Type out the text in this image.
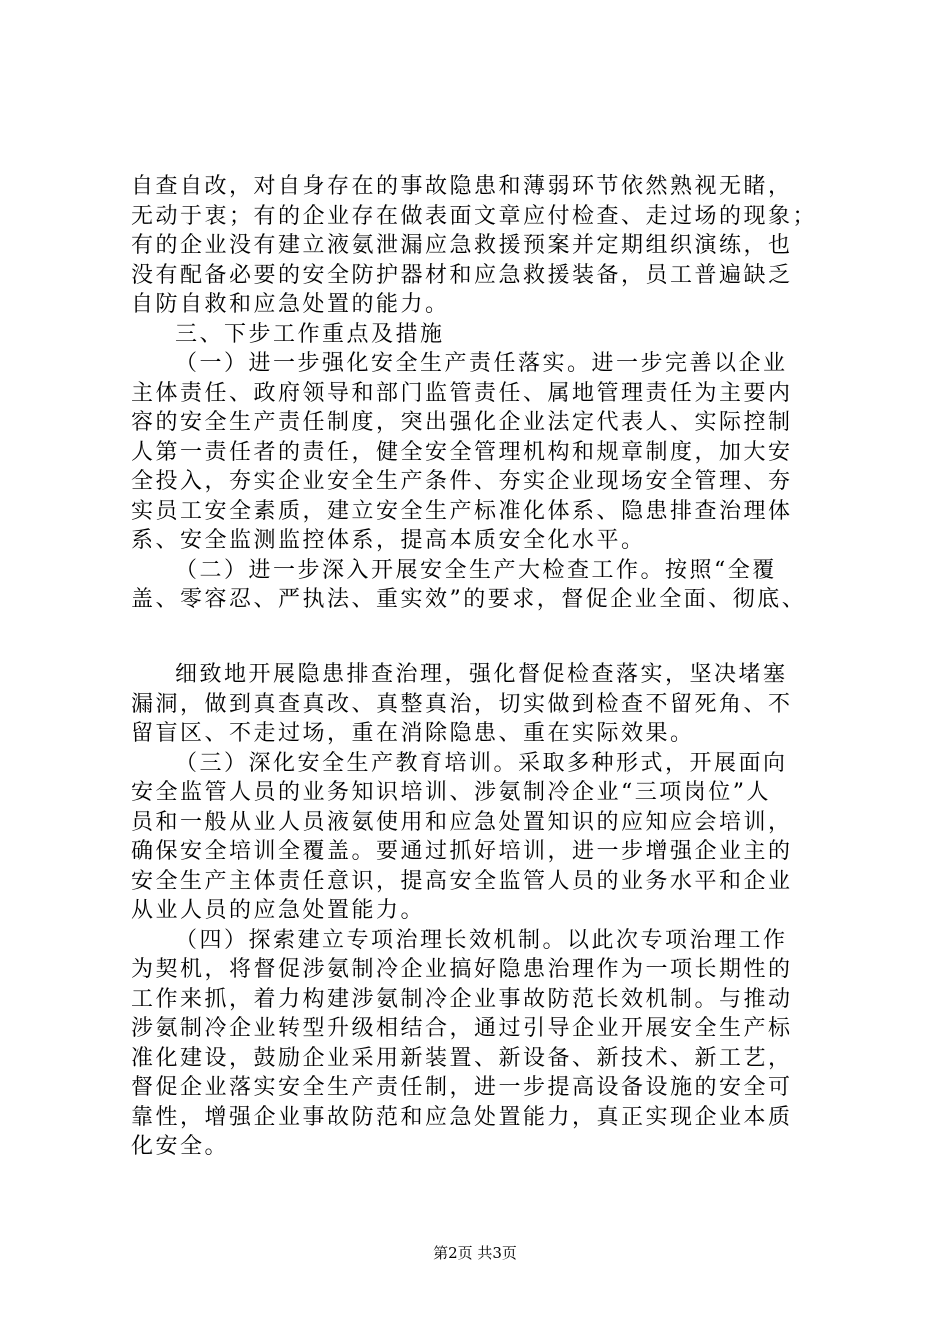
自查自改，对自身存在的事故隐患和薄弱环节依然熟视无睹，
无动于衷；有的企业存在做表面文章应付检查、走过场的现象；
有的企业没有建立液氨泄漏应急救援预案并定期组织演练，也
没有配备必要的安全防护器材和应急救援装备，员工普遍缺乏
自防自救和应急处置的能力。
三、下步工作重点及措施
（一）进一步强化安全生产责任落实。进一步完善以企业
主体责任、政府领导和部门监管责任、属地管理责任为主要内
容的安全生产责任制度，突出强化企业法定代表人、实际控制
人第一责任者的责任，健全安全管理机构和规章制度，加大安
全投入，夯实企业安全生产条件、夯实企业现场安全管理、夯
实员工安全素质，建立安全生产标准化体系、隐患排查治理体
系、安全监测监控体系，提高本质安全化水平。
（二）进一步深入开展安全生产大检查工作。按照“全覆
盖、零容忍、严执法、重实效”的要求，督促企业全面、彻底、
细致地开展隐患排查治理，强化督促检查落实，坚决堵塞
漏洞，做到真查真改、真整真治，切实做到检查不留死角、不
留盲区、不走过场，重在消除隐患、重在实际效果。
（三）深化安全生产教育培训。采取多种形式，开展面向
安全监管人员的业务知识培训、涉氨制冷企业“三项岗位”人
员和一般从业人员液氨使用和应急处置知识的应知应会培训，
确保安全培训全覆盖。要通过抓好培训，进一步增强企业主的
安全生产主体责任意识，提高安全监管人员的业务水平和企业
从业人员的应急处置能力。
（四）探索建立专项治理长效机制。以此次专项治理工作
为契机，将督促涉氨制冷企业搞好隐患治理作为一项长期性的
工作来抓，着力构建涉氨制冷企业事故防范长效机制。与推动
涉氨制冷企业转型升级相结合，通过引导企业开展安全生产标
准化建设，鼓励企业采用新装置、新设备、新技术、新工艺，
督促企业落实安全生产责任制，进一步提高设备设施的安全可
靠性，增强企业事故防范和应急处置能力，真正实现企业本质
化安全。
第2页 共3页
